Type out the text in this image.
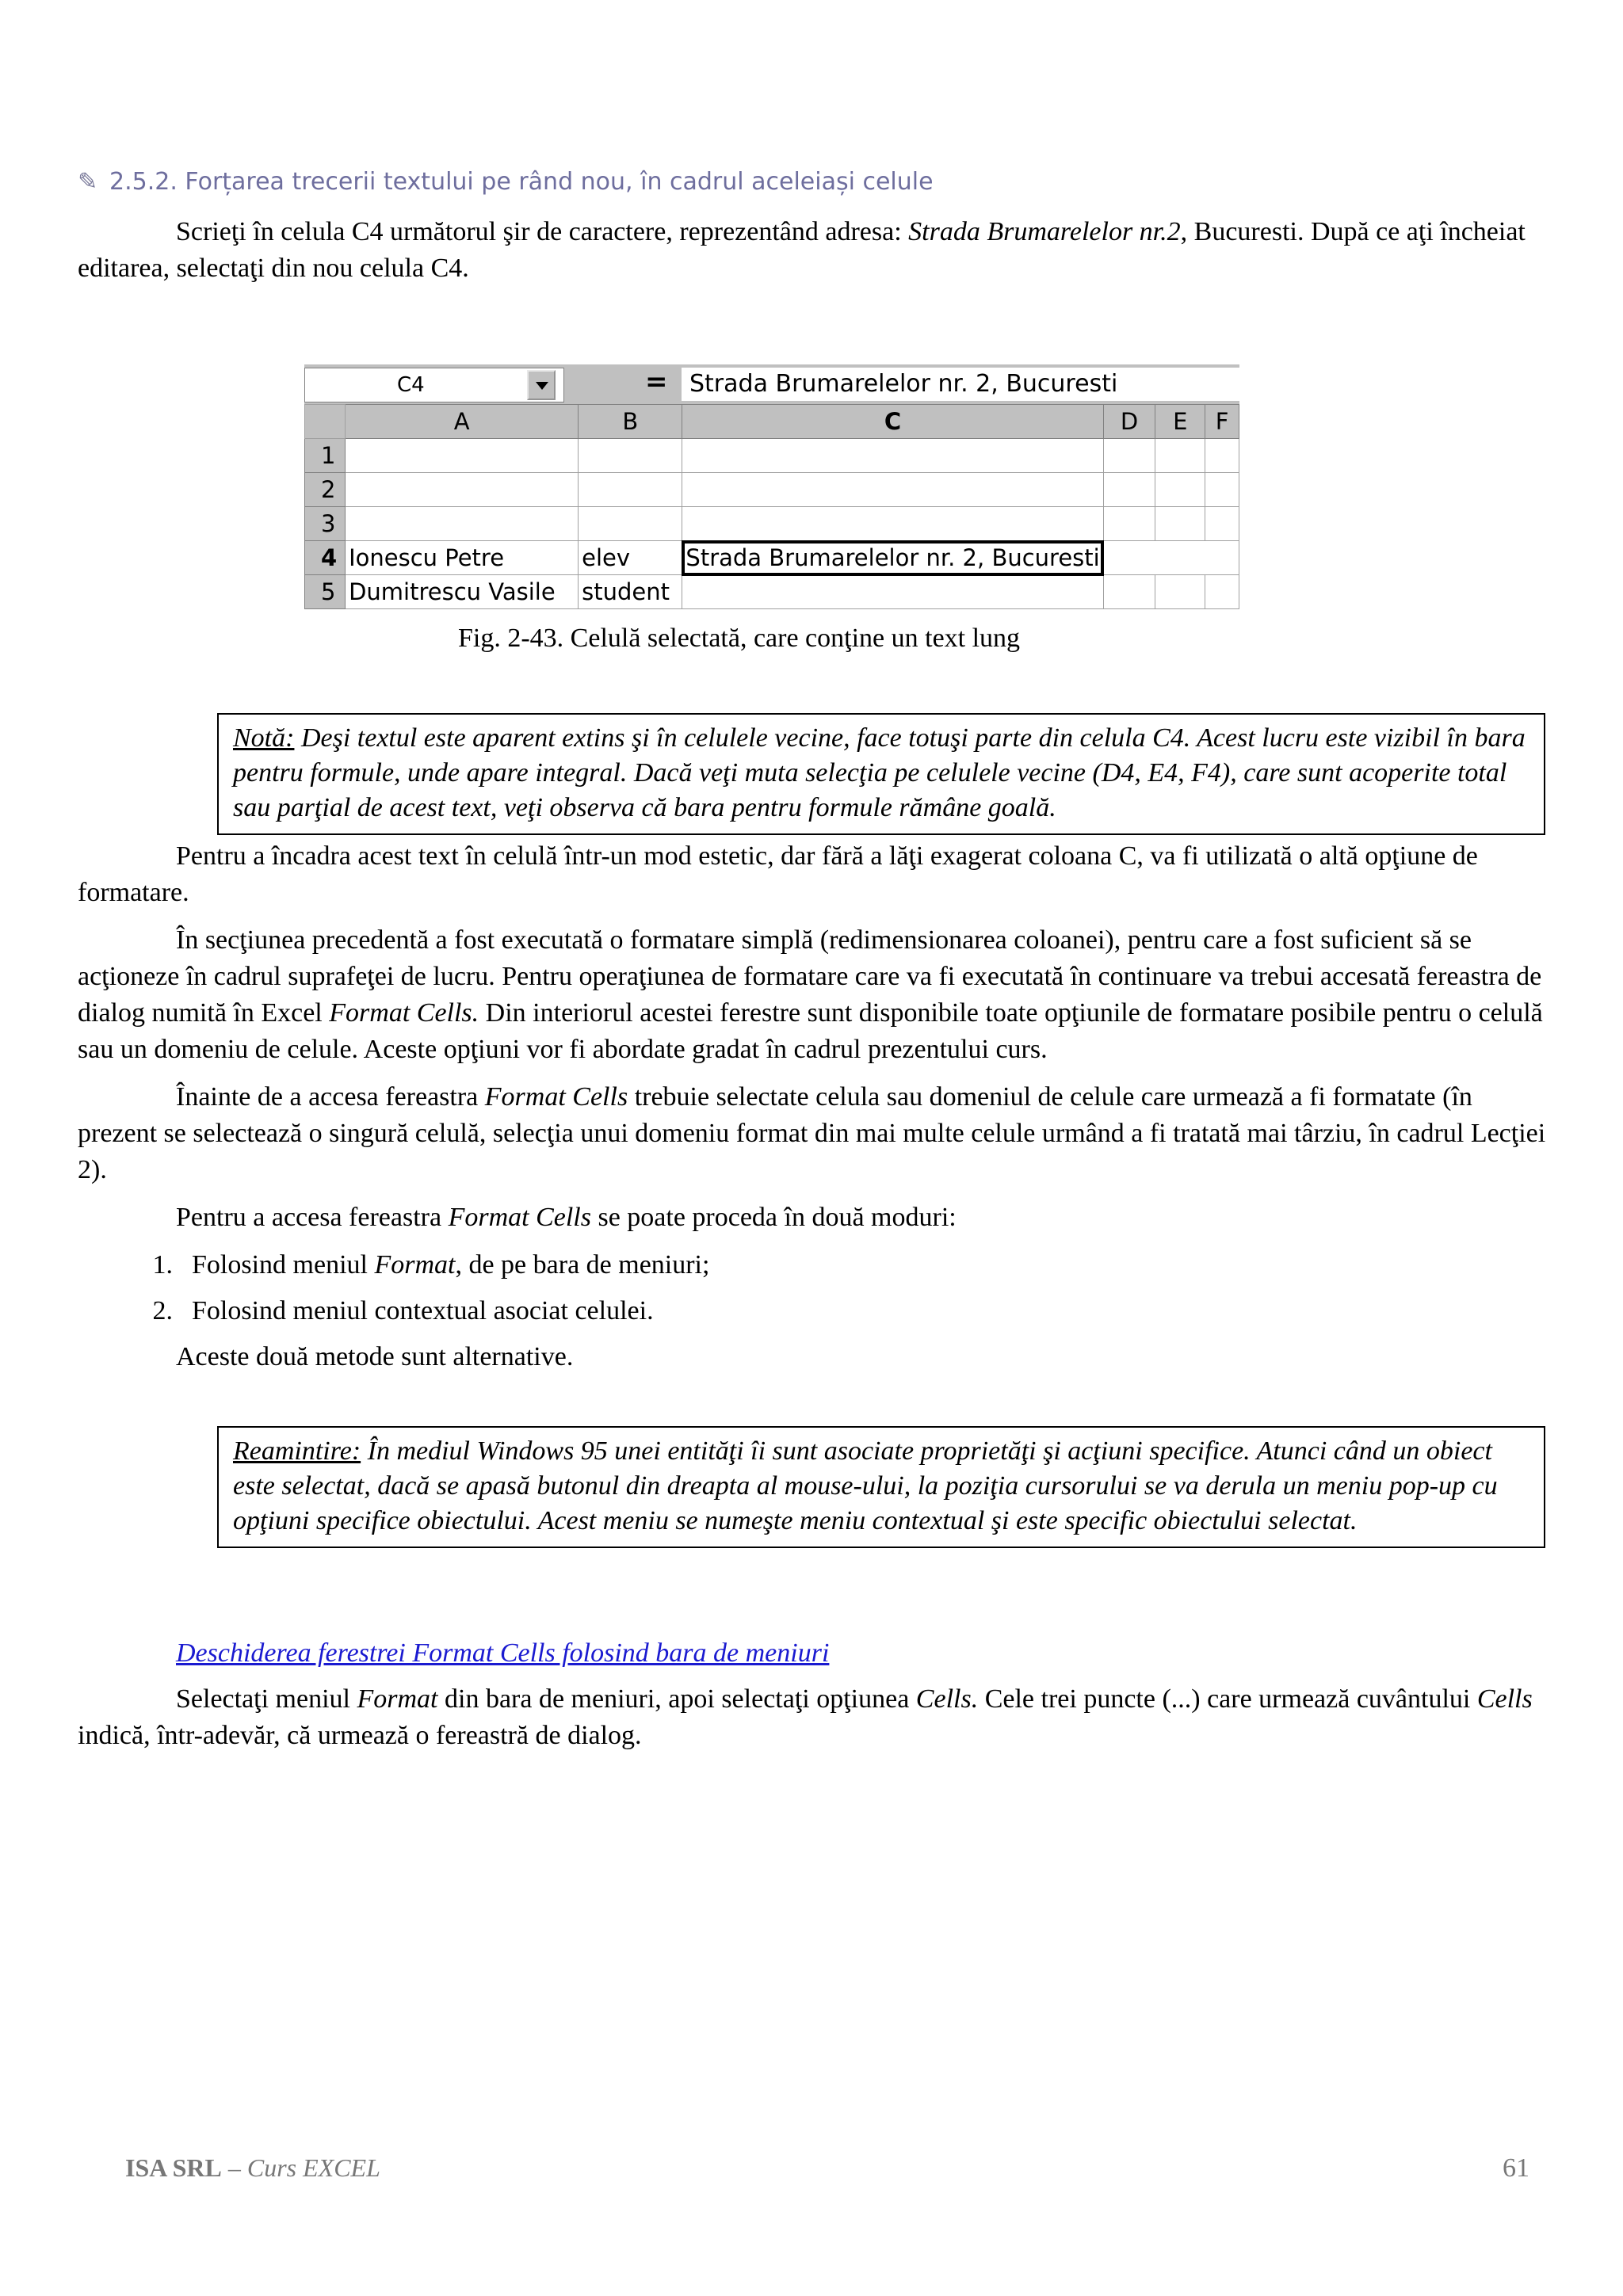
✎ 2.5.2. Forțarea trecerii textului pe rând nou, în cadrul aceleiași celule

Scrieţi în celula C4 următorul şir de caractere, reprezentând adresa: Strada Brumarelelor nr.2, Bucuresti. După ce aţi încheiat editarea, selectaţi din nou celula C4.

C4	= Strada Brumarelelor nr. 2, Bucuresti
	A	B	C	D	E	F
1						
2						
3						
4	Ionescu Petre	elev	Strada Brumarelelor nr. 2, Bucuresti			
5	Dumitrescu Vasile	student				
Fig. 2-43. Celulă selectată, care conţine un text lung
Notă: Deşi textul este aparent extins şi în celulele vecine, face totuşi parte din celula C4. Acest lucru este vizibil în bara pentru formule, unde apare integral. Dacă veţi muta selecţia pe celulele vecine (D4, E4, F4), care sunt acoperite total sau parţial de acest text, veţi observa că bara pentru formule rămâne goală.

Pentru a încadra acest text în celulă într-un mod estetic, dar fără a lăţi exagerat coloana C, va fi utilizată o altă opţiune de formatare.

În secţiunea precedentă a fost executată o formatare simplă (redimensionarea coloanei), pentru care a fost suficient să se acţioneze în cadrul suprafeţei de lucru. Pentru operaţiunea de formatare care va fi executată în continuare va trebui accesată fereastra de dialog numită în Excel Format Cells. Din interiorul acestei ferestre sunt disponibile toate opţiunile de formatare posibile pentru o celulă sau un domeniu de celule. Aceste opţiuni vor fi abordate gradat în cadrul prezentului curs.

Înainte de a accesa fereastra Format Cells trebuie selectate celula sau domeniul de celule care urmează a fi formatate (în prezent se selectează o singură celulă, selecţia unui domeniu format din mai multe celule urmând a fi tratată mai târziu, în cadrul Lecţiei 2).

Pentru a accesa fereastra Format Cells se poate proceda în două moduri:

1. Folosind meniul Format, de pe bara de meniuri;
2. Folosind meniul contextual asociat celulei.

Aceste două metode sunt alternative.

Reamintire: În mediul Windows 95 unei entităţi îi sunt asociate proprietăţi şi acţiuni specifice. Atunci când un obiect este selectat, dacă se apasă butonul din dreapta al mouse-ului, la poziţia cursorului se va derula un meniu pop-up cu opţiuni specifice obiectului. Acest meniu se numeşte meniu contextual şi este specific obiectului selectat.
Deschiderea ferestrei Format Cells folosind bara de meniuri

Selectaţi meniul Format din bara de meniuri, apoi selectaţi opţiunea Cells. Cele trei puncte (...) care urmează cuvântului Cells indică, într-adevăr, că urmează o fereastră de dialog.

ISA SRL – Curs EXCEL	61
